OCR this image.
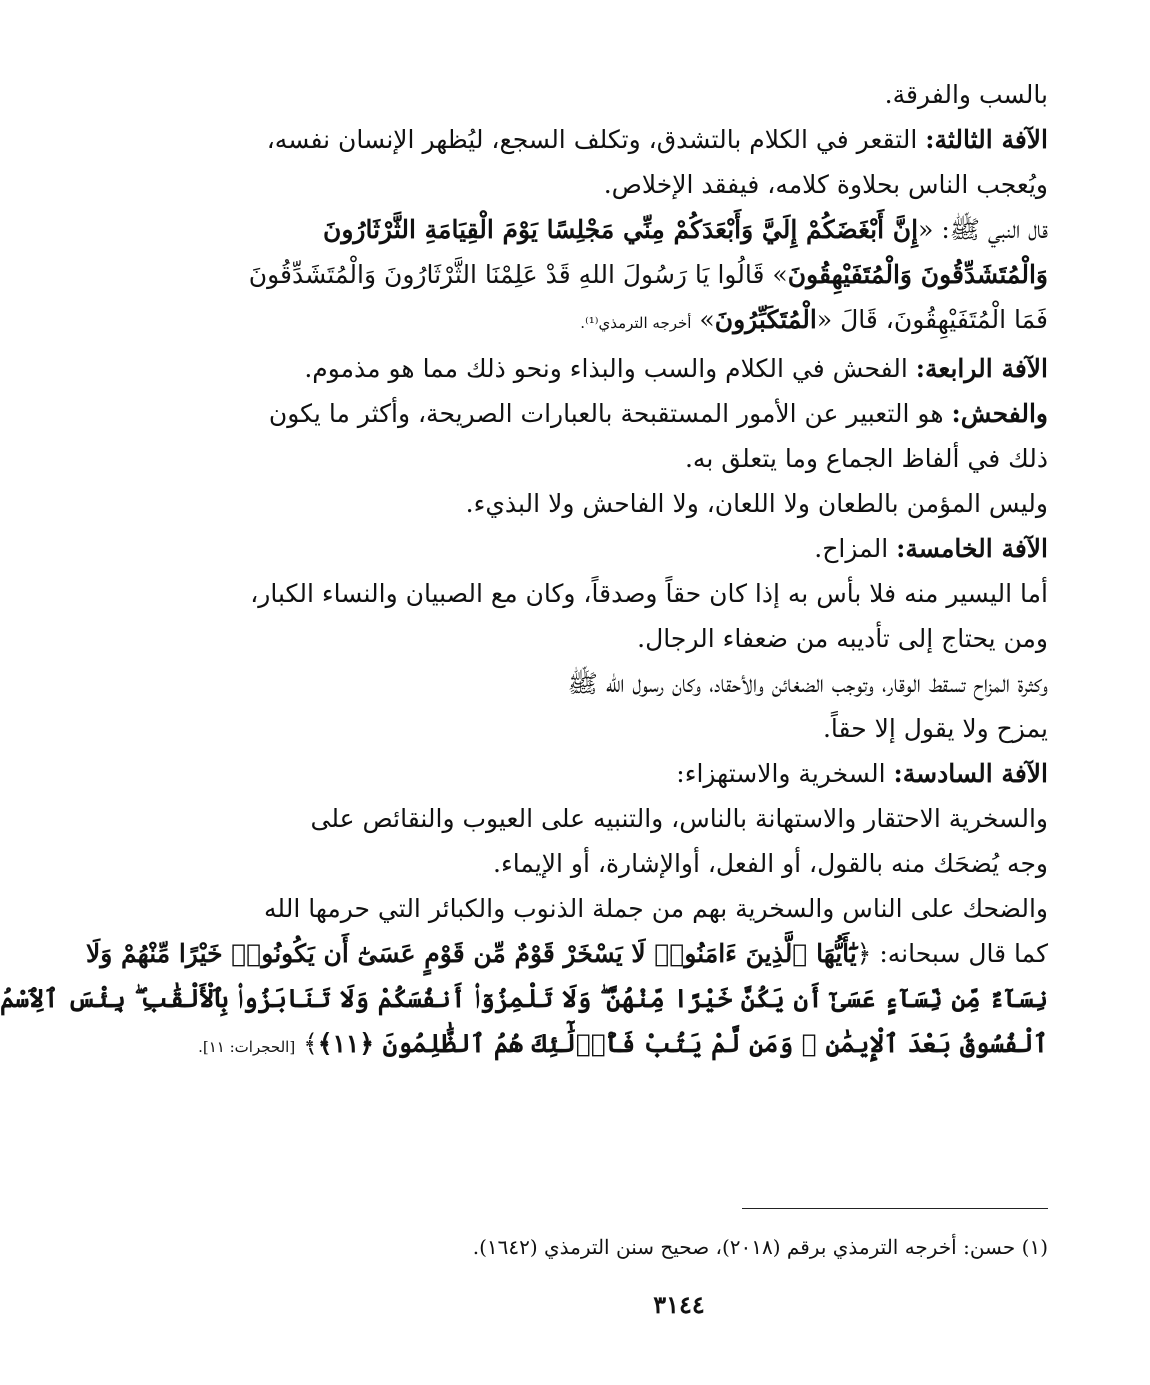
بالسب والفرقة.
الآفة الثالثة: التقعر في الكلام بالتشدق، وتكلف السجع، ليُظهر الإنسان نفسه،
ويُعجب الناس بحلاوة كلامه، فيفقد الإخلاص.
قال النبي ﷺ: «إِنَّ أَبْغَضَكُمْ إِلَيَّ وَأَبْعَدَكُمْ مِنِّي مَجْلِسًا يَوْمَ الْقِيَامَةِ الثَّرْثَارُونَ
وَالْمُتَشَدِّقُونَ وَالْمُتَفَيْهِقُونَ» قَالُوا يَا رَسُولَ اللهِ قَدْ عَلِمْنَا الثَّرْثَارُونَ وَالْمُتَشَدِّقُونَ
فَمَا الْمُتَفَيْهِقُونَ، قَالَ «الْمُتَكَبِّرُونَ» أخرجه الترمذي⁽¹⁾.
الآفة الرابعة: الفحش في الكلام والسب والبذاء ونحو ذلك مما هو مذموم.
والفحش: هو التعبير عن الأمور المستقبحة بالعبارات الصريحة، وأكثر ما يكون
ذلك في ألفاظ الجماع وما يتعلق به.
وليس المؤمن بالطعان ولا اللعان، ولا الفاحش ولا البذيء.
الآفة الخامسة: المزاح.
أما اليسير منه فلا بأس به إذا كان حقاً وصدقاً، وكان مع الصبيان والنساء الكبار،
ومن يحتاج إلى تأديبه من ضعفاء الرجال.
وكثرة المزاح تسقط الوقار، وتوجب الضغائن والأحقاد، وكان رسول الله ﷺ
يمزح ولا يقول إلا حقاً.
الآفة السادسة: السخرية والاستهزاء:
والسخرية الاحتقار والاستهانة بالناس، والتنبيه على العيوب والنقائص على
وجه يُضحَك منه بالقول، أو الفعل، أوالإشارة، أو الإيماء.
والضحك على الناس والسخرية بهم من جملة الذنوب والكبائر التي حرمها الله
كما قال سبحانه: ﴿يَٰٓأَيُّهَا ٱلَّذِينَ ءَامَنُوا۟ لَا يَسْخَرْ قَوْمٌ مِّن قَوْمٍ عَسَىٰٓ أَن يَكُونُوا۟ خَيْرًا مِّنْهُمْ وَلَا
نِسَآءٌ مِّن نِّسَآءٍ عَسَىٰٓ أَن يَكُنَّ خَيْرًا مِّنْهُنَّ ۖ وَلَا تَلْمِزُوٓا۟ أَنفُسَكُمْ وَلَا تَنَابَزُوا۟ بِٱلْأَلْقَٰبِ ۖ بِئْسَ ٱلِٱسْمُ
ٱلْفُسُوقُ بَعْدَ ٱلْإِيمَٰنِ ۚ وَمَن لَّمْ يَتُبْ فَأُو۟لَٰٓئِكَ هُمُ ٱلظَّٰلِمُونَ ﴿١١﴾﴾ [الحجرات: ١١].
(١) حسن: أخرجه الترمذي برقم (٢٠١٨)، صحيح سنن الترمذي (١٦٤٢).
٣١٤٤
